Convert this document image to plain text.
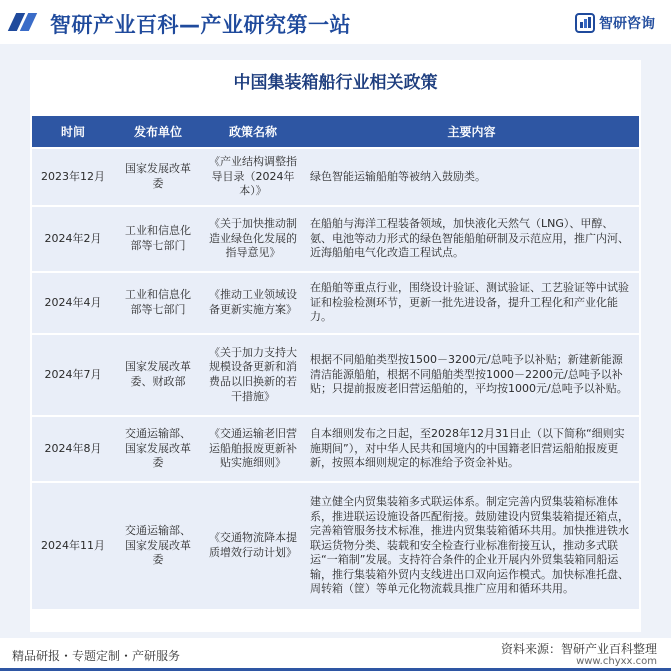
智研产业百科—产业研究第一站	智研咨询
中国集装箱船行业相关政策
时间	发布单位	政策名称	主要内容
2023年12月	国家发展改革委	《产业结构调整指导目录（2024年本）》	绿色智能运输船舶等被纳入鼓励类。
2024年2月	工业和信息化部等七部门	《关于加快推动制造业绿色化发展的指导意见》	在船舶与海洋工程装备领域，加快液化天然气（LNG）、甲醇、氨、电池等动力形式的绿色智能船舶研制及示范应用，推广内河、近海船舶电气化改造工程试点。
2024年4月	工业和信息化部等七部门	《推动工业领域设备更新实施方案》	在船舶等重点行业，围绕设计验证、测试验证、工艺验证等中试验证和检验检测环节，更新一批先进设备，提升工程化和产业化能力。
2024年7月	国家发展改革委、财政部	《关于加力支持大规模设备更新和消费品以旧换新的若干措施》	根据不同船舶类型按1500－3200元/总吨予以补贴；新建新能源清洁能源船舶，根据不同船舶类型按1000－2200元/总吨予以补贴；只提前报废老旧营运船舶的，平均按1000元/总吨予以补贴。
2024年8月	交通运输部、国家发展改革委	《交通运输老旧营运船舶报废更新补贴实施细则》	自本细则发布之日起，至2028年12月31日止（以下简称“细则实施期间”），对中华人民共和国境内的中国籍老旧营运船舶报废更新，按照本细则规定的标准给予资金补贴。
2024年11月	交通运输部、国家发展改革委	《交通物流降本提质增效行动计划》	建立健全内贸集装箱多式联运体系。制定完善内贸集装箱标准体系，推进联运设施设备匹配衔接。鼓励建设内贸集装箱提还箱点，完善箱管服务技术标准，推进内贸集装箱循环共用。加快推进铁水联运货物分类、装载和安全检查行业标准衔接互认，推动多式联运“一箱制”发展。支持符合条件的企业开展内外贸集装箱同船运输，推行集装箱外贸内支线进出口双向运作模式。加快标准托盘、周转箱（筐）等单元化物流载具推广应用和循环共用。
精品研报・专题定制・产研服务	资料来源：智研产业百科整理
www.chyxx.com
